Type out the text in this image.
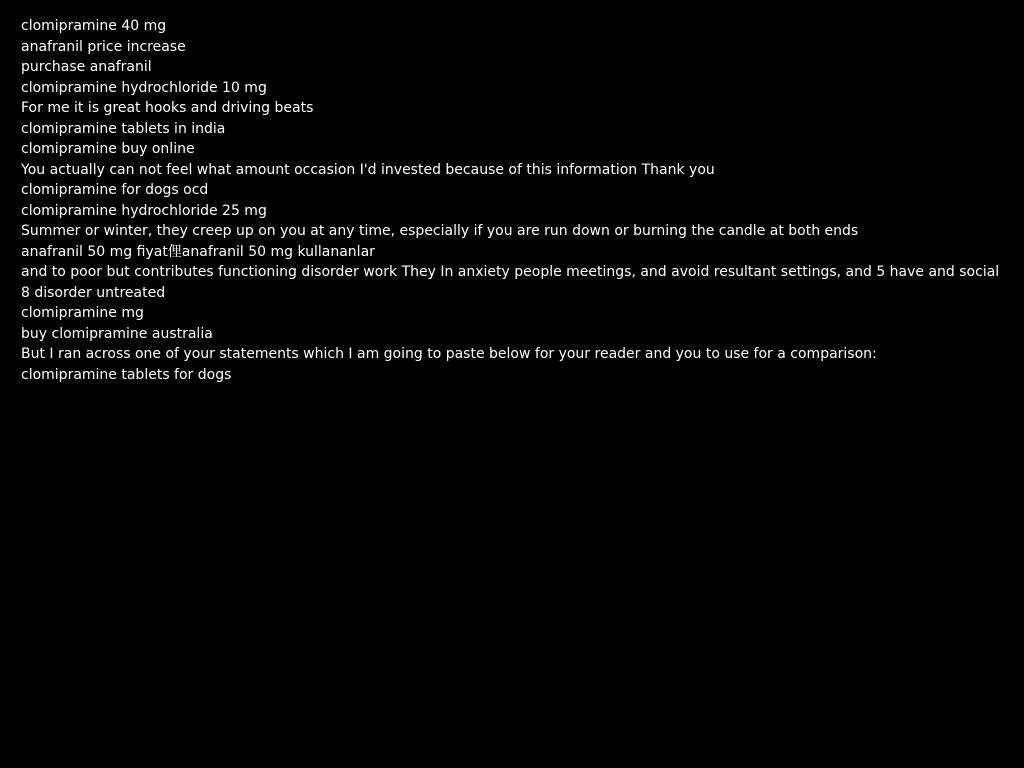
clomipramine 40 mg
anafranil price increase
purchase anafranil
clomipramine hydrochloride 10 mg
For me it is great hooks and driving beats
clomipramine tablets in india
clomipramine buy online
You actually can not feel what amount occasion I'd invested because of this information Thank you
clomipramine for dogs ocd
clomipramine hydrochloride 25 mg
Summer or winter, they creep up on you at any time, especially if you are run down or burning the candle at both ends
anafranil 50 mg fiyat俚anafranil 50 mg kullananlar
and to poor but contributes functioning disorder work They In anxiety people meetings, and avoid resultant settings, and 5 have and social 8 disorder untreated
clomipramine mg
buy clomipramine australia
But I ran across one of your statements which I am going to paste below for your reader and you to use for a comparison:
clomipramine tablets for dogs
